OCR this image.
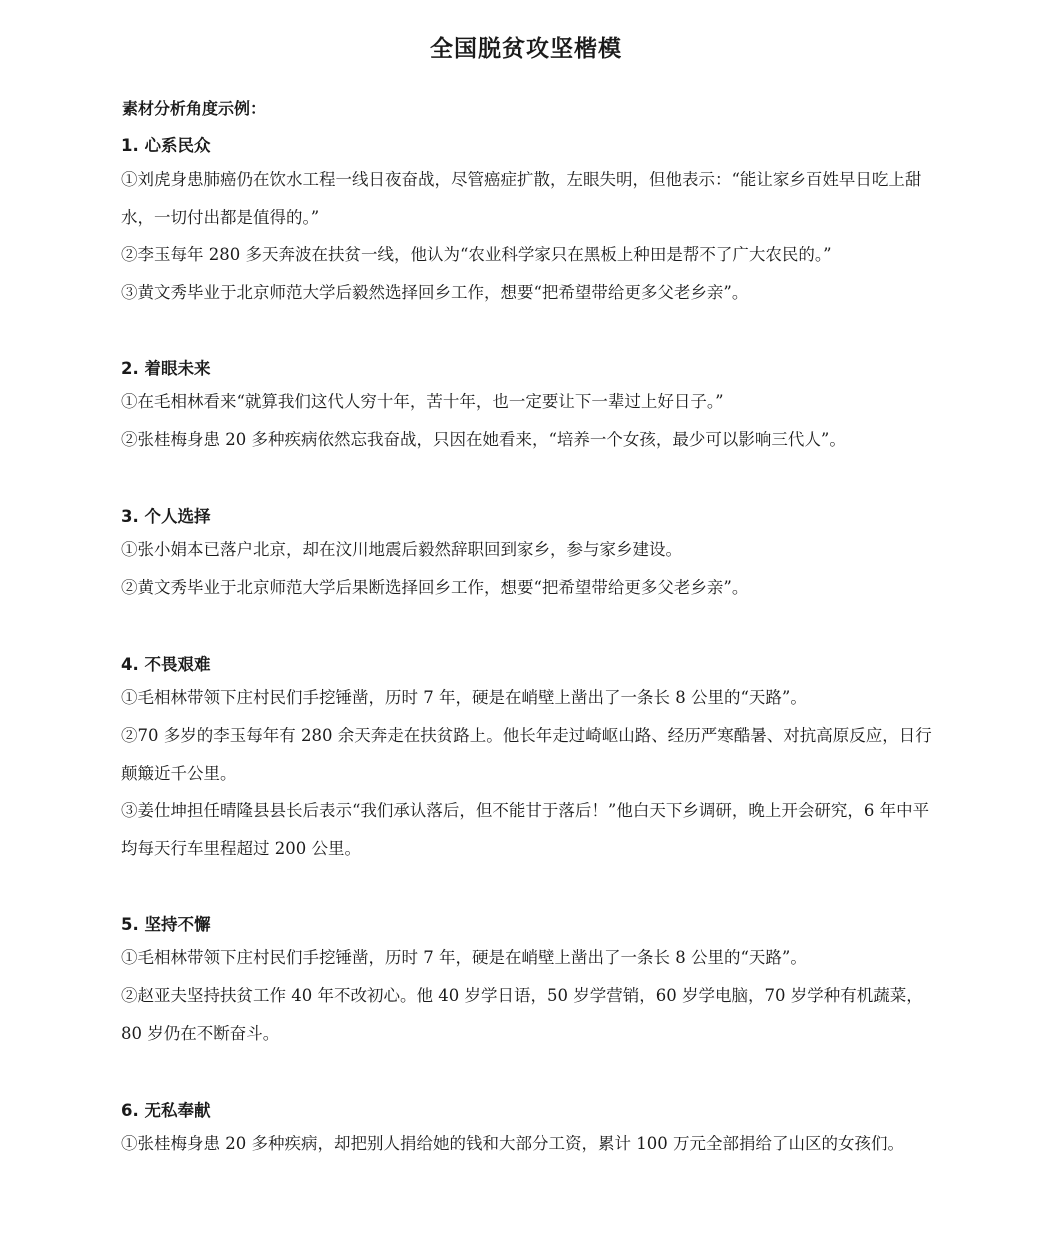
全国脱贫攻坚楷模
素材分析角度示例：
1. 心系民众

①刘虎身患肺癌仍在饮水工程一线日夜奋战，尽管癌症扩散，左眼失明，但他表示：“能让家乡百姓早日吃上甜水，一切付出都是值得的。”

②李玉每年 280 多天奔波在扶贫一线，他认为“农业科学家只在黑板上种田是帮不了广大农民的。”

③黄文秀毕业于北京师范大学后毅然选择回乡工作，想要“把希望带给更多父老乡亲”。

2. 着眼未来

①在毛相林看来“就算我们这代人穷十年，苦十年，也一定要让下一辈过上好日子。”

②张桂梅身患 20 多种疾病依然忘我奋战，只因在她看来，“培养一个女孩，最少可以影响三代人”。

3. 个人选择

①张小娟本已落户北京，却在汶川地震后毅然辞职回到家乡，参与家乡建设。

②黄文秀毕业于北京师范大学后果断选择回乡工作，想要“把希望带给更多父老乡亲”。

4. 不畏艰难

①毛相林带领下庄村民们手挖锤凿，历时 7 年，硬是在峭壁上凿出了一条长 8 公里的“天路”。

②70 多岁的李玉每年有 280 余天奔走在扶贫路上。他长年走过崎岖山路、经历严寒酷暑、对抗高原反应，日行颠簸近千公里。

③姜仕坤担任晴隆县县长后表示“我们承认落后，但不能甘于落后！”他白天下乡调研，晚上开会研究，6 年中平均每天行车里程超过 200 公里。

5. 坚持不懈

①毛相林带领下庄村民们手挖锤凿，历时 7 年，硬是在峭壁上凿出了一条长 8 公里的“天路”。

②赵亚夫坚持扶贫工作 40 年不改初心。他 40 岁学日语，50 岁学营销，60 岁学电脑，70 岁学种有机蔬菜，80 岁仍在不断奋斗。

6. 无私奉献

①张桂梅身患 20 多种疾病，却把别人捐给她的钱和大部分工资，累计 100 万元全部捐给了山区的女孩们。
